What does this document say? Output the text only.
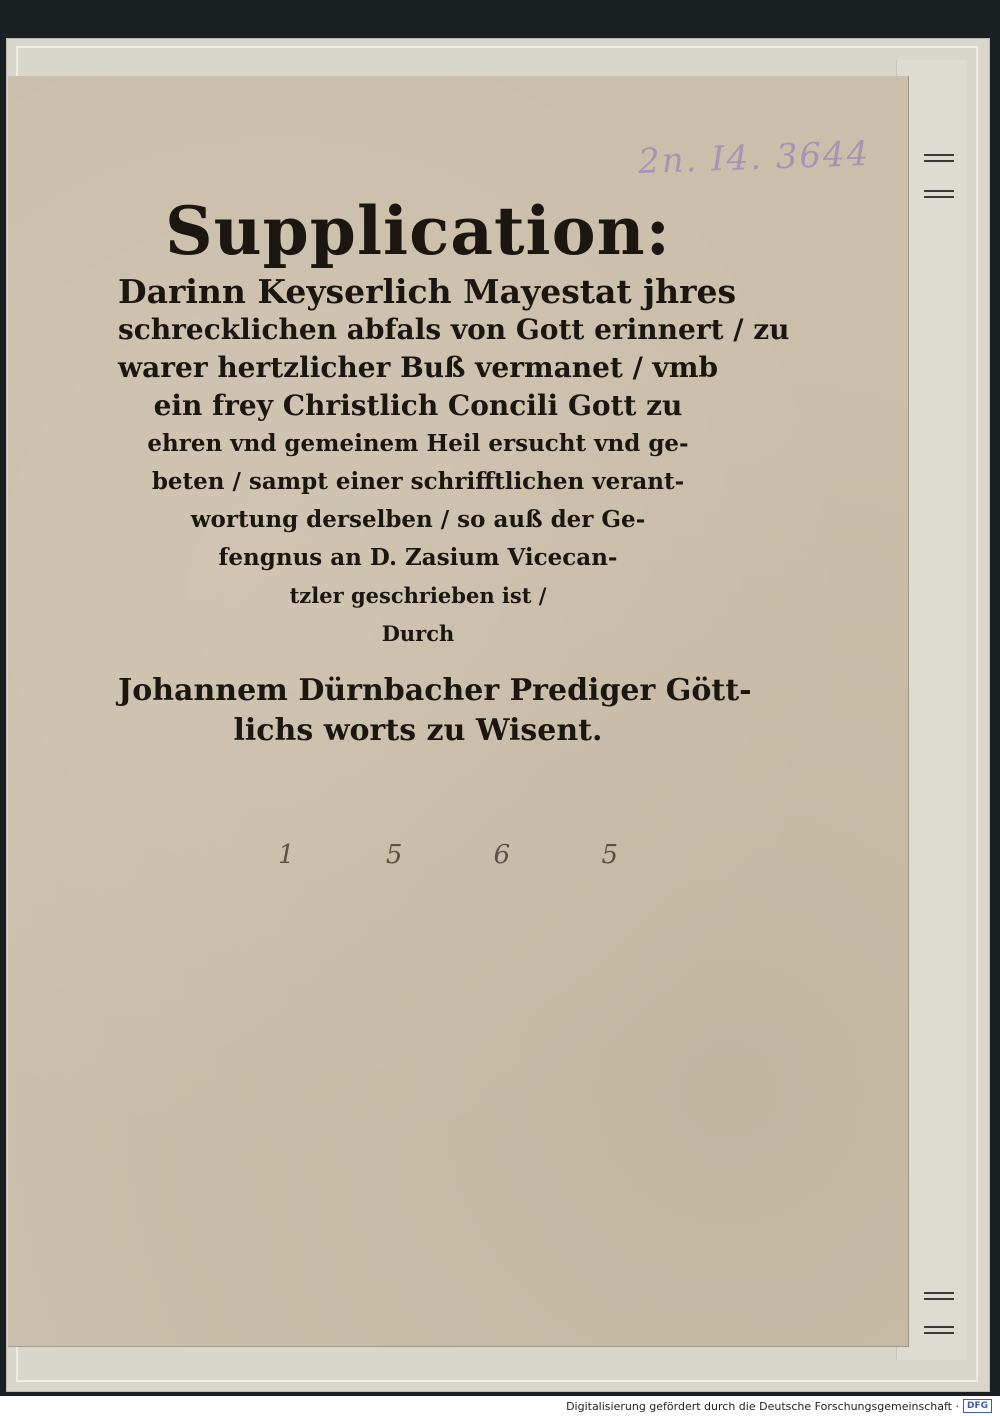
2n. I4. 3644
Supplication:
Darinn Keyserlich Mayestat jhres
schrecklichen abfals von Gott erinnert / zu
warer hertzlicher Buß vermanet / vmb
ein frey Christlich Concili Gott zu
ehren vnd gemeinem Heil ersucht vnd ge-
beten / sampt einer schrifftlichen verant-
wortung derselben / so auß der Ge-
fengnus an D. Zasium Vicecan-
tzler geschrieben ist /
Durch
Johannem Dürnbacher Prediger Gött-
lichs worts zu Wisent.
1	5	6	5
Digitalisierung gefördert durch die Deutsche Forschungsgemeinschaft · DFG
